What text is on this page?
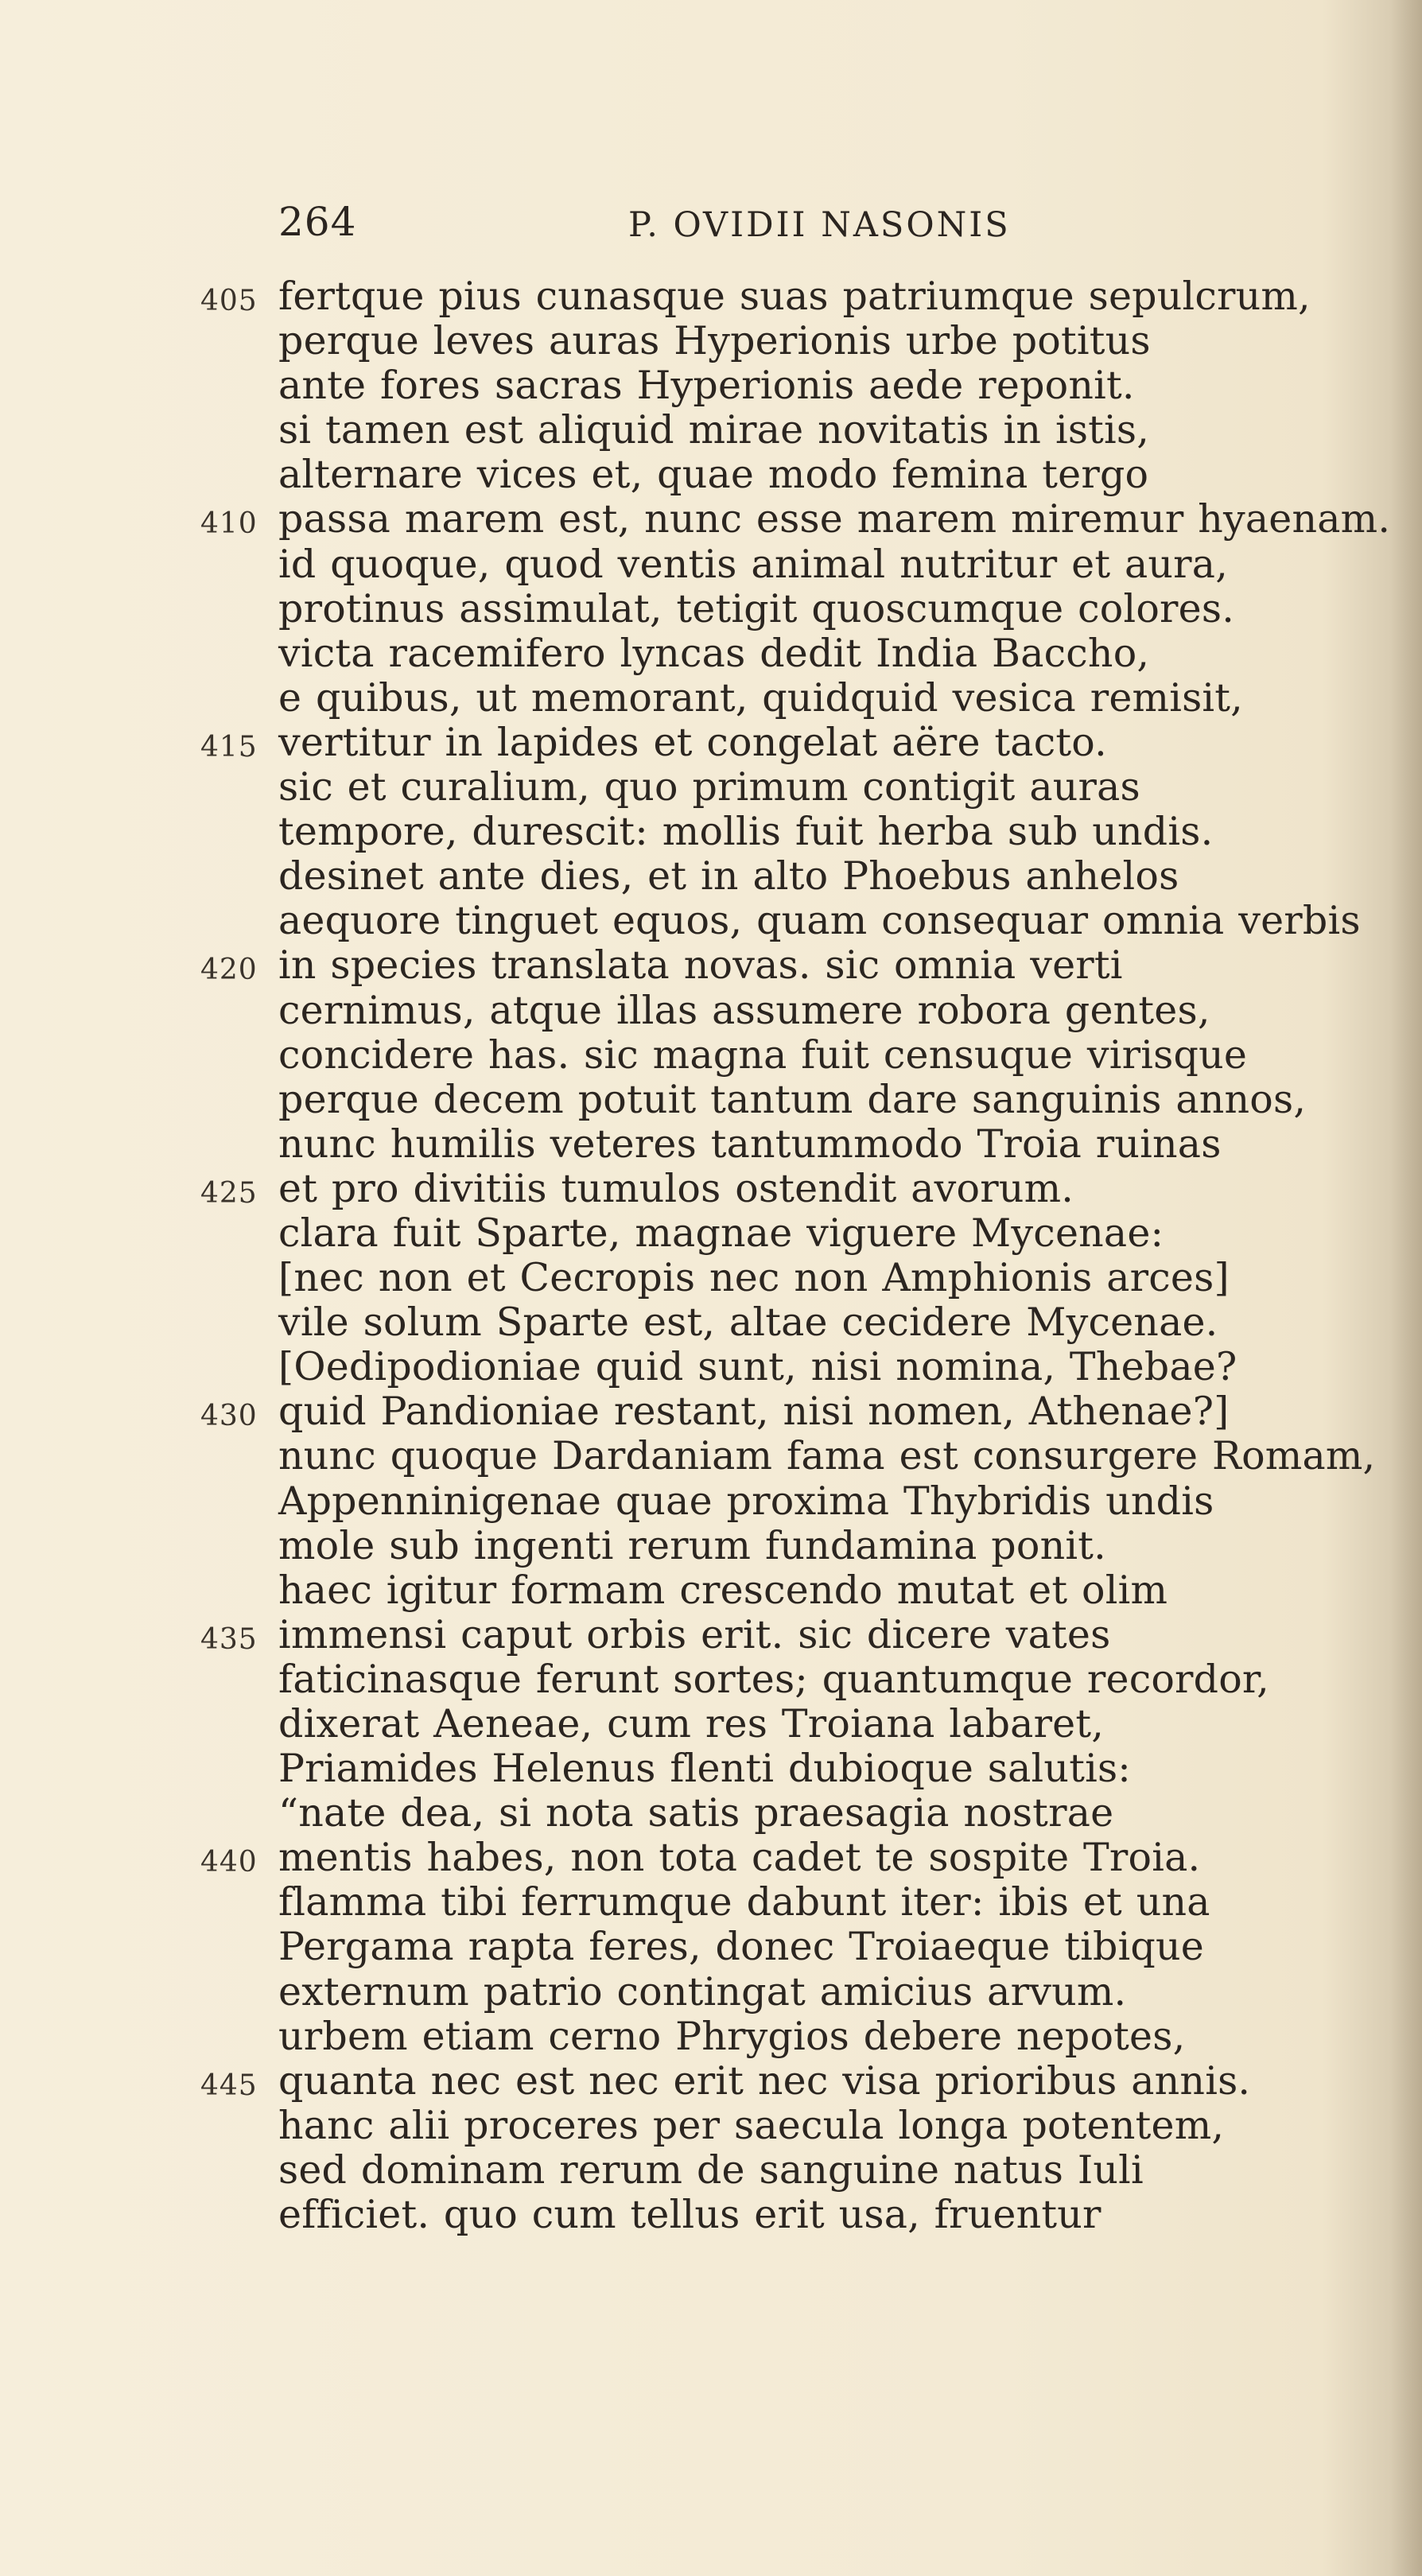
264	P. OVIDII NASONIS
405 fertque pius cunasque suas patriumque sepulcrum,
perque leves auras Hyperionis urbe potitus
ante fores sacras Hyperionis aede reponit.
si tamen est aliquid mirae novitatis in istis,
alternare vices et, quae modo femina tergo
410 passa marem est, nunc esse marem miremur hyaenam.
id quoque, quod ventis animal nutritur et aura,
protinus assimulat, tetigit quoscumque colores.
victa racemifero lyncas dedit India Baccho,
e quibus, ut memorant, quidquid vesica remisit,
415 vertitur in lapides et congelat aëre tacto.
sic et curalium, quo primum contigit auras
tempore, durescit: mollis fuit herba sub undis.
desinet ante dies, et in alto Phoebus anhelos
aequore tinguet equos, quam consequar omnia verbis
420 in species translata novas. sic omnia verti
cernimus, atque illas assumere robora gentes,
concidere has. sic magna fuit censuque virisque
perque decem potuit tantum dare sanguinis annos,
nunc humilis veteres tantummodo Troia ruinas
425 et pro divitiis tumulos ostendit avorum.
clara fuit Sparte, magnae viguere Mycenae:
[nec non et Cecropis nec non Amphionis arces]
vile solum Sparte est, altae cecidere Mycenae.
[Oedipodioniae quid sunt, nisi nomina, Thebae?
430 quid Pandioniae restant, nisi nomen, Athenae?]
nunc quoque Dardaniam fama est consurgere Romam,
Appenninigenae quae proxima Thybridis undis
mole sub ingenti rerum fundamina ponit.
haec igitur formam crescendo mutat et olim
435 immensi caput orbis erit. sic dicere vates
faticinasque ferunt sortes; quantumque recordor,
dixerat Aeneae, cum res Troiana labaret,
Priamides Helenus flenti dubioque salutis:
“nate dea, si nota satis praesagia nostrae
440 mentis habes, non tota cadet te sospite Troia.
flamma tibi ferrumque dabunt iter: ibis et una
Pergama rapta feres, donec Troiaeque tibique
externum patrio contingat amicius arvum.
urbem etiam cerno Phrygios debere nepotes,
445 quanta nec est nec erit nec visa prioribus annis.
hanc alii proceres per saecula longa potentem,
sed dominam rerum de sanguine natus Iuli
efficiet. quo cum tellus erit usa, fruentur
